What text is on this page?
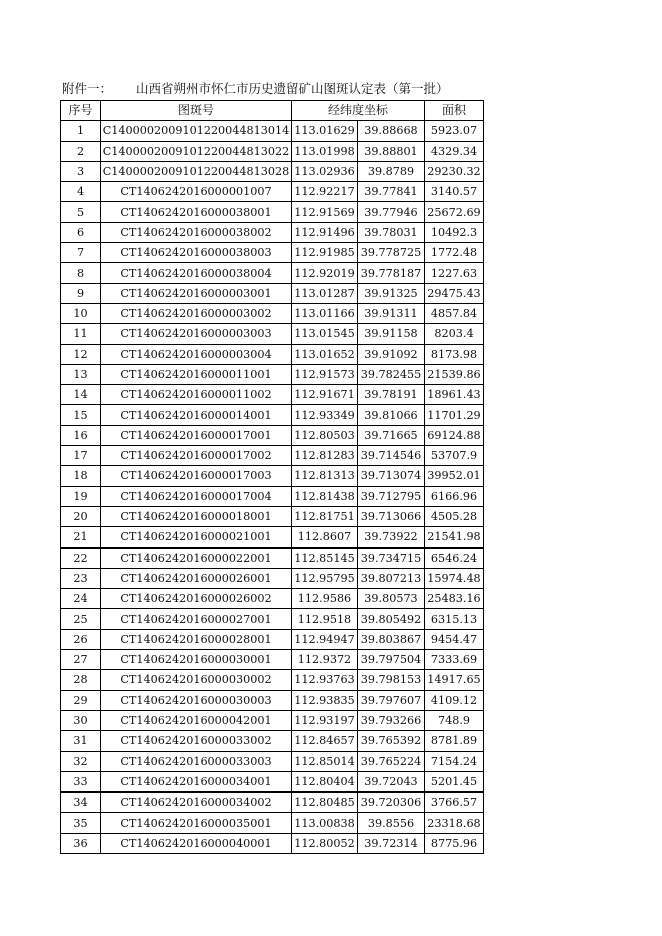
附件一： 山西省朔州市怀仁市历史遗留矿山图斑认定表（第一批）
序号	图斑号	经纬度坐标		面积
1	C1400002009101220044813014	113.01629	39.88668	5923.07
2	C1400002009101220044813022	113.01998	39.88801	4329.34
3	C1400002009101220044813028	113.02936	39.8789	29230.32
4	CT1406242016000001007	112.92217	39.77841	3140.57
5	CT1406242016000038001	112.91569	39.77946	25672.69
6	CT1406242016000038002	112.91496	39.78031	10492.3
7	CT1406242016000038003	112.91985	39.778725	1772.48
8	CT1406242016000038004	112.92019	39.778187	1227.63
9	CT1406242016000003001	113.01287	39.91325	29475.43
10	CT1406242016000003002	113.01166	39.91311	4857.84
11	CT1406242016000003003	113.01545	39.91158	8203.4
12	CT1406242016000003004	113.01652	39.91092	8173.98
13	CT1406242016000011001	112.91573	39.782455	21539.86
14	CT1406242016000011002	112.91671	39.78191	18961.43
15	CT1406242016000014001	112.93349	39.81066	11701.29
16	CT1406242016000017001	112.80503	39.71665	69124.88
17	CT1406242016000017002	112.81283	39.714546	53707.9
18	CT1406242016000017003	112.81313	39.713074	39952.01
19	CT1406242016000017004	112.81438	39.712795	6166.96
20	CT1406242016000018001	112.81751	39.713066	4505.28
21	CT1406242016000021001	112.8607	39.73922	21541.98
22	CT1406242016000022001	112.85145	39.734715	6546.24
23	CT1406242016000026001	112.95795	39.807213	15974.48
24	CT1406242016000026002	112.9586	39.80573	25483.16
25	CT1406242016000027001	112.9518	39.805492	6315.13
26	CT1406242016000028001	112.94947	39.803867	9454.47
27	CT1406242016000030001	112.9372	39.797504	7333.69
28	CT1406242016000030002	112.93763	39.798153	14917.65
29	CT1406242016000030003	112.93835	39.797607	4109.12
30	CT1406242016000042001	112.93197	39.793266	748.9
31	CT1406242016000033002	112.84657	39.765392	8781.89
32	CT1406242016000033003	112.85014	39.765224	7154.24
33	CT1406242016000034001	112.80404	39.72043	5201.45
34	CT1406242016000034002	112.80485	39.720306	3766.57
35	CT1406242016000035001	113.00838	39.8556	23318.68
36	CT1406242016000040001	112.80052	39.72314	8775.96
